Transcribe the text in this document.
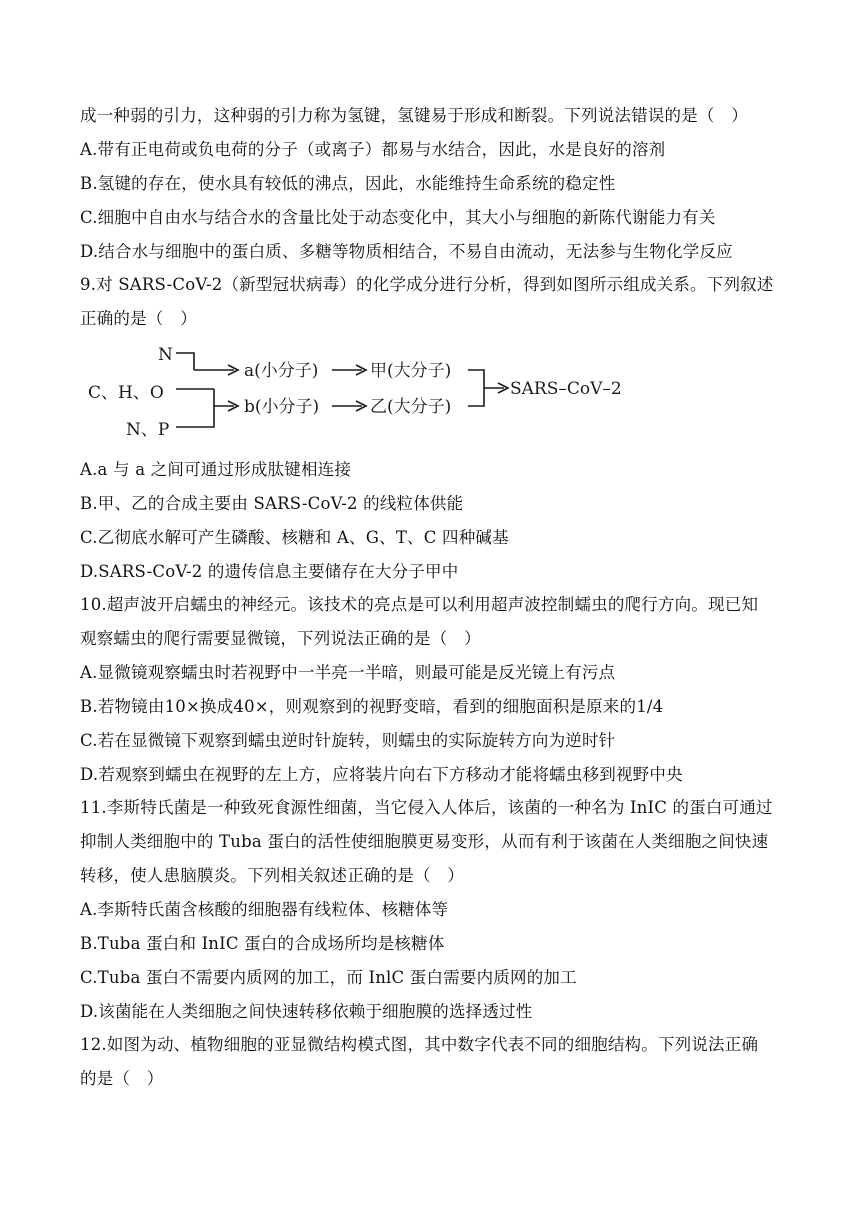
成一种弱的引力，这种弱的引力称为氢键，氢键易于形成和断裂。下列说法错误的是（　）
A.带有正电荷或负电荷的分子（或离子）都易与水结合，因此，水是良好的溶剂
B.氢键的存在，使水具有较低的沸点，因此，水能维持生命系统的稳定性
C.细胞中自由水与结合水的含量比处于动态变化中，其大小与细胞的新陈代谢能力有关
D.结合水与细胞中的蛋白质、多糖等物质相结合，不易自由流动，无法参与生物化学反应
9.对 SARS-CoV-2（新型冠状病毒）的化学成分进行分析，得到如图所示组成关系。下列叙述
正确的是（　）
N
C、H、O
N、P
a(小分子)
b(小分子)
甲(大分子)
乙(大分子)
SARS–CoV–2
A.a 与 a 之间可通过形成肽键相连接
B.甲、乙的合成主要由 SARS-CoV-2 的线粒体供能
C.乙彻底水解可产生磷酸、核糖和 A、G、T、C 四种碱基
D.SARS-CoV-2 的遗传信息主要储存在大分子甲中
10.超声波开启蠕虫的神经元。该技术的亮点是可以利用超声波控制蠕虫的爬行方向。现已知
观察蠕虫的爬行需要显微镜，下列说法正确的是（　）
A.显微镜观察蠕虫时若视野中一半亮一半暗，则最可能是反光镜上有污点
B.若物镜由10×换成40×，则观察到的视野变暗，看到的细胞面积是原来的1/4
C.若在显微镜下观察到蠕虫逆时针旋转，则蠕虫的实际旋转方向为逆时针
D.若观察到蠕虫在视野的左上方，应将装片向右下方移动才能将蠕虫移到视野中央
11.李斯特氏菌是一种致死食源性细菌，当它侵入人体后，该菌的一种名为 InIC 的蛋白可通过
抑制人类细胞中的 Tuba 蛋白的活性使细胞膜更易变形，从而有利于该菌在人类细胞之间快速
转移，使人患脑膜炎。下列相关叙述正确的是（　）
A.李斯特氏菌含核酸的细胞器有线粒体、核糖体等
B.Tuba 蛋白和 InIC 蛋白的合成场所均是核糖体
C.Tuba 蛋白不需要内质网的加工，而 InlC 蛋白需要内质网的加工
D.该菌能在人类细胞之间快速转移依赖于细胞膜的选择透过性
12.如图为动、植物细胞的亚显微结构模式图，其中数字代表不同的细胞结构。下列说法正确
的是（　）
